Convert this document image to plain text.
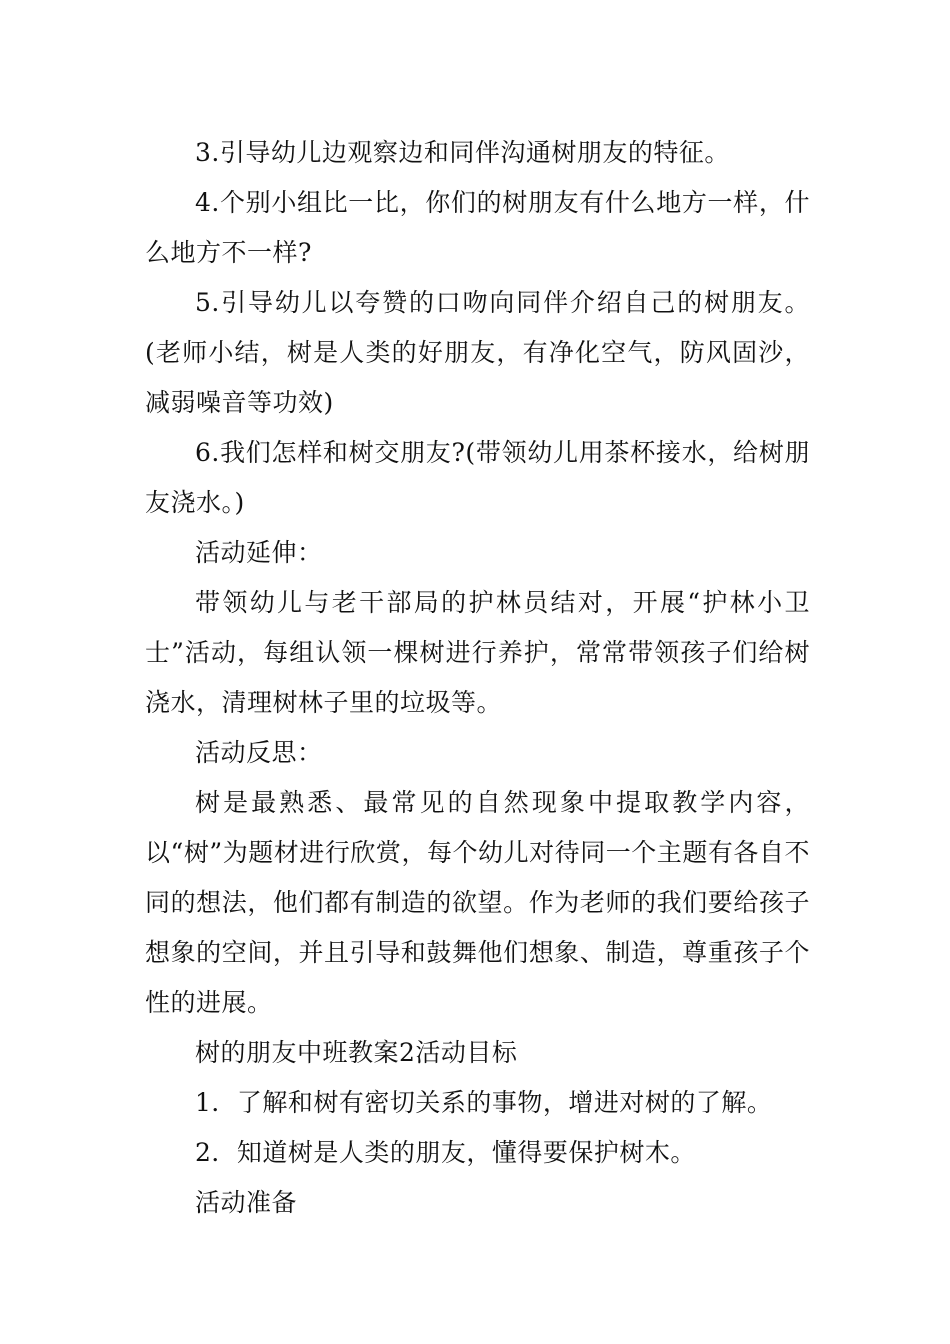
3.引导幼儿边观察边和同伴沟通树朋友的特征。

4.个别小组比一比，你们的树朋友有什么地方一样，什么地方不一样?

5.引导幼儿以夸赞的口吻向同伴介绍自己的树朋友。(老师小结，树是人类的好朋友，有净化空气，防风固沙，减弱噪音等功效)

6.我们怎样和树交朋友?(带领幼儿用茶杯接水，给树朋友浇水。)

活动延伸：

带领幼儿与老干部局的护林员结对，开展“护林小卫士”活动，每组认领一棵树进行养护，常常带领孩子们给树浇水，清理树林子里的垃圾等。

活动反思：

树是最熟悉、最常见的自然现象中提取教学内容，以“树”为题材进行欣赏，每个幼儿对待同一个主题有各自不同的想法，他们都有制造的欲望。作为老师的我们要给孩子想象的空间，并且引导和鼓舞他们想象、制造，尊重孩子个性的进展。

树的朋友中班教案2活动目标

1．了解和树有密切关系的事物，增进对树的了解。

2．知道树是人类的朋友，懂得要保护树木。

活动准备
